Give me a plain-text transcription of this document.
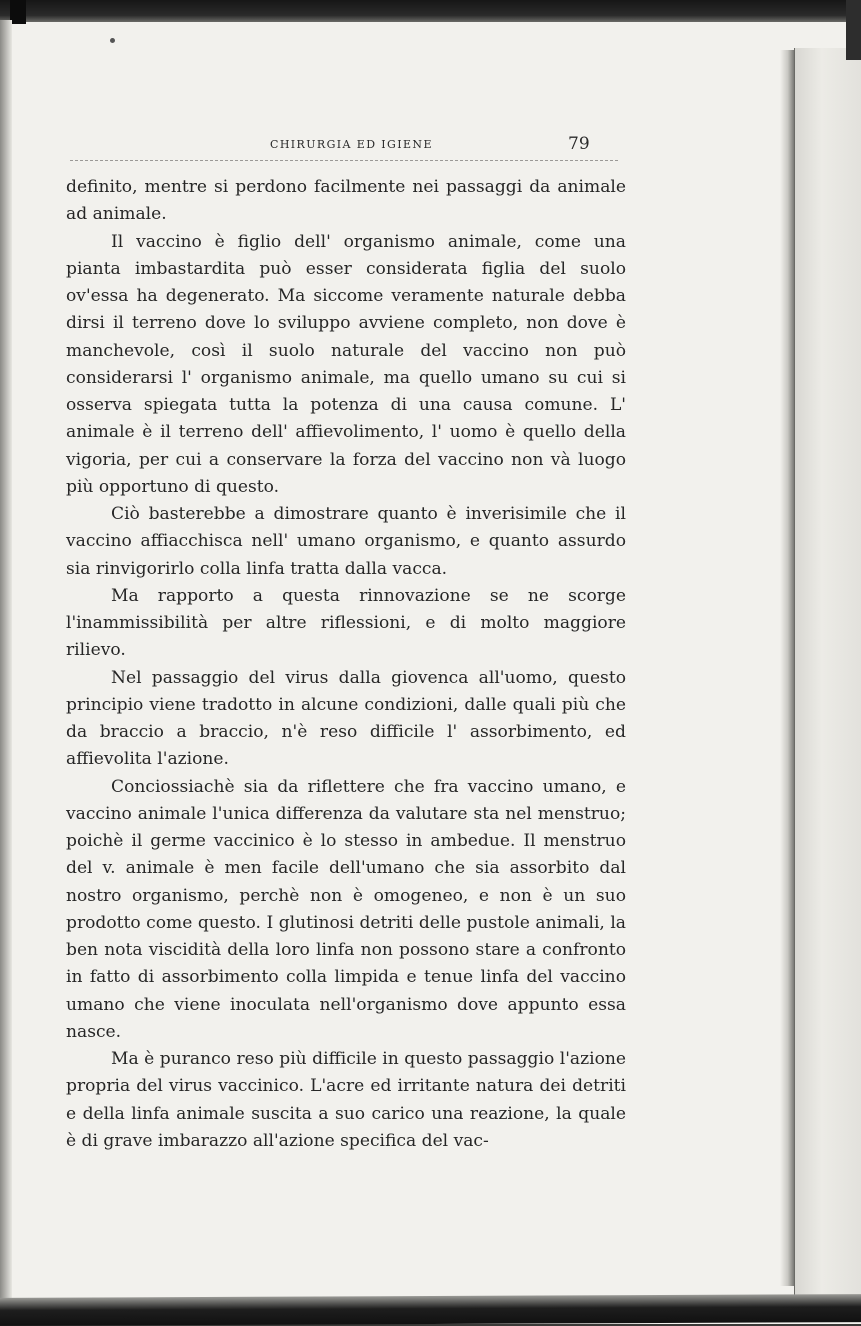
CHIRURGIA ED IGIENE	79

definito, mentre si perdono facilmente nei passaggi da animale ad animale.

Il vaccino è figlio dell' organismo animale, come una pianta imbastardita può esser considerata figlia del suolo ov'essa ha degenerato. Ma siccome veramente naturale debba dirsi il terreno dove lo sviluppo avviene completo, non dove è manchevole, così il suolo naturale del vaccino non può considerarsi l' organismo animale, ma quello umano su cui si osserva spiegata tutta la potenza di una causa comune. L' animale è il terreno dell' affievolimento, l' uomo è quello della vigoria, per cui a conservare la forza del vaccino non và luogo più opportuno di questo.

Ciò basterebbe a dimostrare quanto è inverisimile che il vaccino affiacchisca nell' umano organismo, e quanto assurdo sia rinvigorirlo colla linfa tratta dalla vacca.

Ma rapporto a questa rinnovazione se ne scorge l'inammissibilità per altre riflessioni, e di molto maggiore rilievo.

Nel passaggio del virus dalla giovenca all'uomo, questo principio viene tradotto in alcune condizioni, dalle quali più che da braccio a braccio, n'è reso difficile l' assorbimento, ed affievolita l'azione.

Conciossiachè sia da riflettere che fra vaccino umano, e vaccino animale l'unica differenza da valutare sta nel menstruo; poichè il germe vaccinico è lo stesso in ambedue. Il menstruo del v. animale è men facile dell'umano che sia assorbito dal nostro organismo, perchè non è omogeneo, e non è un suo prodotto come questo. I glutinosi detriti delle pustole animali, la ben nota viscidità della loro linfa non possono stare a confronto in fatto di assorbimento colla limpida e tenue linfa del vaccino umano che viene inoculata nell'organismo dove appunto essa nasce.

Ma è puranco reso più difficile in questo passaggio l'azione propria del virus vaccinico. L'acre ed irritante natura dei detriti e della linfa animale suscita a suo carico una reazione, la quale è di grave imbarazzo all'azione specifica del vac-
